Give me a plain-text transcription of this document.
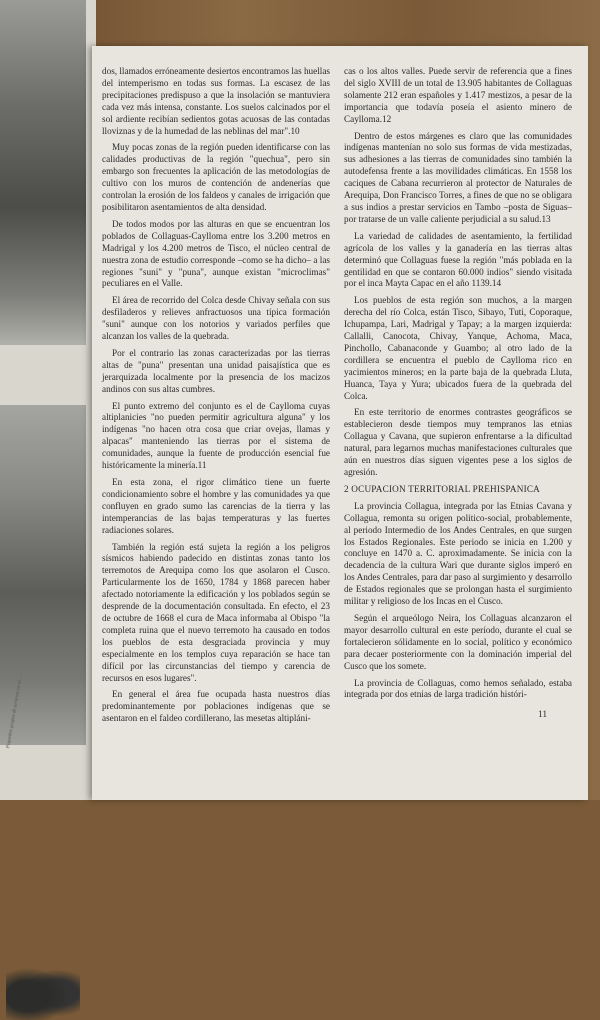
Pequeños grupos de arrieros en el...

dos, llamados erróneamente desiertos encontramos las huellas del intemperismo en todas sus formas. La escasez de las precipitaciones predispuso a que la insolación se mantuviera cada vez más intensa, constante. Los suelos calcinados por el sol ardiente recibían sedientos gotas acuosas de las contadas lloviznas y de la humedad de las neblinas del mar".10

Muy pocas zonas de la región pueden identificarse con las calidades productivas de la región "quechua", pero sin embargo son frecuentes la aplicación de las metodologías de cultivo con los muros de contención de andenerías que controlan la erosión de los faldeos y canales de irrigación que posibilitaron asentamientos de alta densidad.

De todos modos por las alturas en que se encuentran los poblados de Collaguas-Caylloma entre los 3.200 metros en Madrigal y los 4.200 metros de Tisco, el núcleo central de nuestra zona de estudio corresponde –como se ha dicho– a las regiones "suni" y "puna", aunque existan "microclimas" peculiares en el Valle.

El área de recorrido del Colca desde Chivay señala con sus desfiladeros y relieves anfractuosos una típica formación "suni" aunque con los notorios y variados perfiles que alcanzan los valles de la quebrada.

Por el contrario las zonas caracterizadas por las tierras altas de "puna" presentan una unidad paisajística que es jerarquizada localmente por la presencia de los macizos andinos con sus altas cumbres.

El punto extremo del conjunto es el de Caylloma cuyas altiplanicies "no pueden permitir agricultura alguna" y los indígenas "no hacen otra cosa que criar ovejas, llamas y alpacas" manteniendo las tierras por el sistema de comunidades, aunque la fuente de producción esencial fue históricamente la minería.11

En esta zona, el rigor climático tiene un fuerte condicionamiento sobre el hombre y las comunidades ya que confluyen en grado sumo las carencias de la tierra y las intemperancias de las bajas temperaturas y las fuertes radiaciones solares.

También la región está sujeta la región a los peligros sísmicos habiendo padecido en distintas zonas tanto los terremotos de Arequipa como los que asolaron el Cusco. Particularmente los de 1650, 1784 y 1868 parecen haber afectado notoriamente la edificación y los poblados según se desprende de la documentación consultada. En efecto, el 23 de octubre de 1668 el cura de Maca informaba al Obispo "la completa ruina que el nuevo terremoto ha causado en todos los pueblos de esta desgraciada provincia y muy especialmente en los templos cuya reparación se hace tan difícil por las circunstancias del tiempo y carencia de recursos en esos lugares".

En general el área fue ocupada hasta nuestros días predominantemente por poblaciones indígenas que se asentaron en el faldeo cordillerano, las mesetas altipláni-

cas o los altos valles. Puede servir de referencia que a fines del siglo XVIII de un total de 13.905 habitantes de Collaguas solamente 212 eran españoles y 1.417 mestizos, a pesar de la importancia que todavía poseía el asiento minero de Caylloma.12

Dentro de estos márgenes es claro que las comunidades indígenas mantenían no solo sus formas de vida mestizadas, sus adhesiones a las tierras de comunidades sino también la autodefensa frente a las movilidades climáticas. En 1558 los caciques de Cabana recurrieron al protector de Naturales de Arequipa, Don Francisco Torres, a fines de que no se obligara a sus indios a prestar servicios en Tambo –posta de Siguas– por tratarse de un valle caliente perjudicial a su salud.13

La variedad de calidades de asentamiento, la fertilidad agrícola de los valles y la ganadería en las tierras altas determinó que Collaguas fuese la región "más poblada en la gentilidad en que se contaron 60.000 indios" siendo visitada por el inca Mayta Capac en el año 1139.14

Los pueblos de esta región son muchos, a la margen derecha del río Colca, están Tisco, Sibayo, Tuti, Coporaque, Ichupampa, Lari, Madrigal y Tapay; a la margen izquierda: Callalli, Canocota, Chivay, Yanque, Achoma, Maca, Pinchollo, Cabanaconde y Guambo; al otro lado de la cordillera se encuentra el pueblo de Caylloma rico en yacimientos mineros; en la parte baja de la quebrada Lluta, Huanca, Taya y Yura; ubicados fuera de la quebrada del Colca.

En este territorio de enormes contrastes geográficos se establecieron desde tiempos muy tempranos las etnias Collagua y Cavana, que supieron enfrentarse a la dificultad natural, para legarnos muchas manifestaciones culturales que aún en nuestros días siguen vigentes pese a los siglos de agresión.

2 OCUPACION TERRITORIAL PREHISPANICA

La provincia Collagua, integrada por las Etnias Cavana y Collagua, remonta su origen político-social, probablemente, al periodo Intermedio de los Andes Centrales, en que surgen los Estados Regionales. Este periodo se inicia en 1.200 y concluye en 1470 a. C. aproximadamente. Se inicia con la decadencia de la cultura Wari que durante siglos imperó en los Andes Centrales, para dar paso al surgimiento y desarrollo de Estados regionales que se prolongan hasta el surgimiento militar y religioso de los Incas en el Cusco.

Según el arqueólogo Neira, los Collaguas alcanzaron el mayor desarrollo cultural en este período, durante el cual se fortalecieron sólidamente en lo social, político y económico para decaer posteriormente con la dominación imperial del Cusco que los somete.

La provincia de Collaguas, como hemos señalado, estaba integrada por dos etnias de larga tradición históri-

11
